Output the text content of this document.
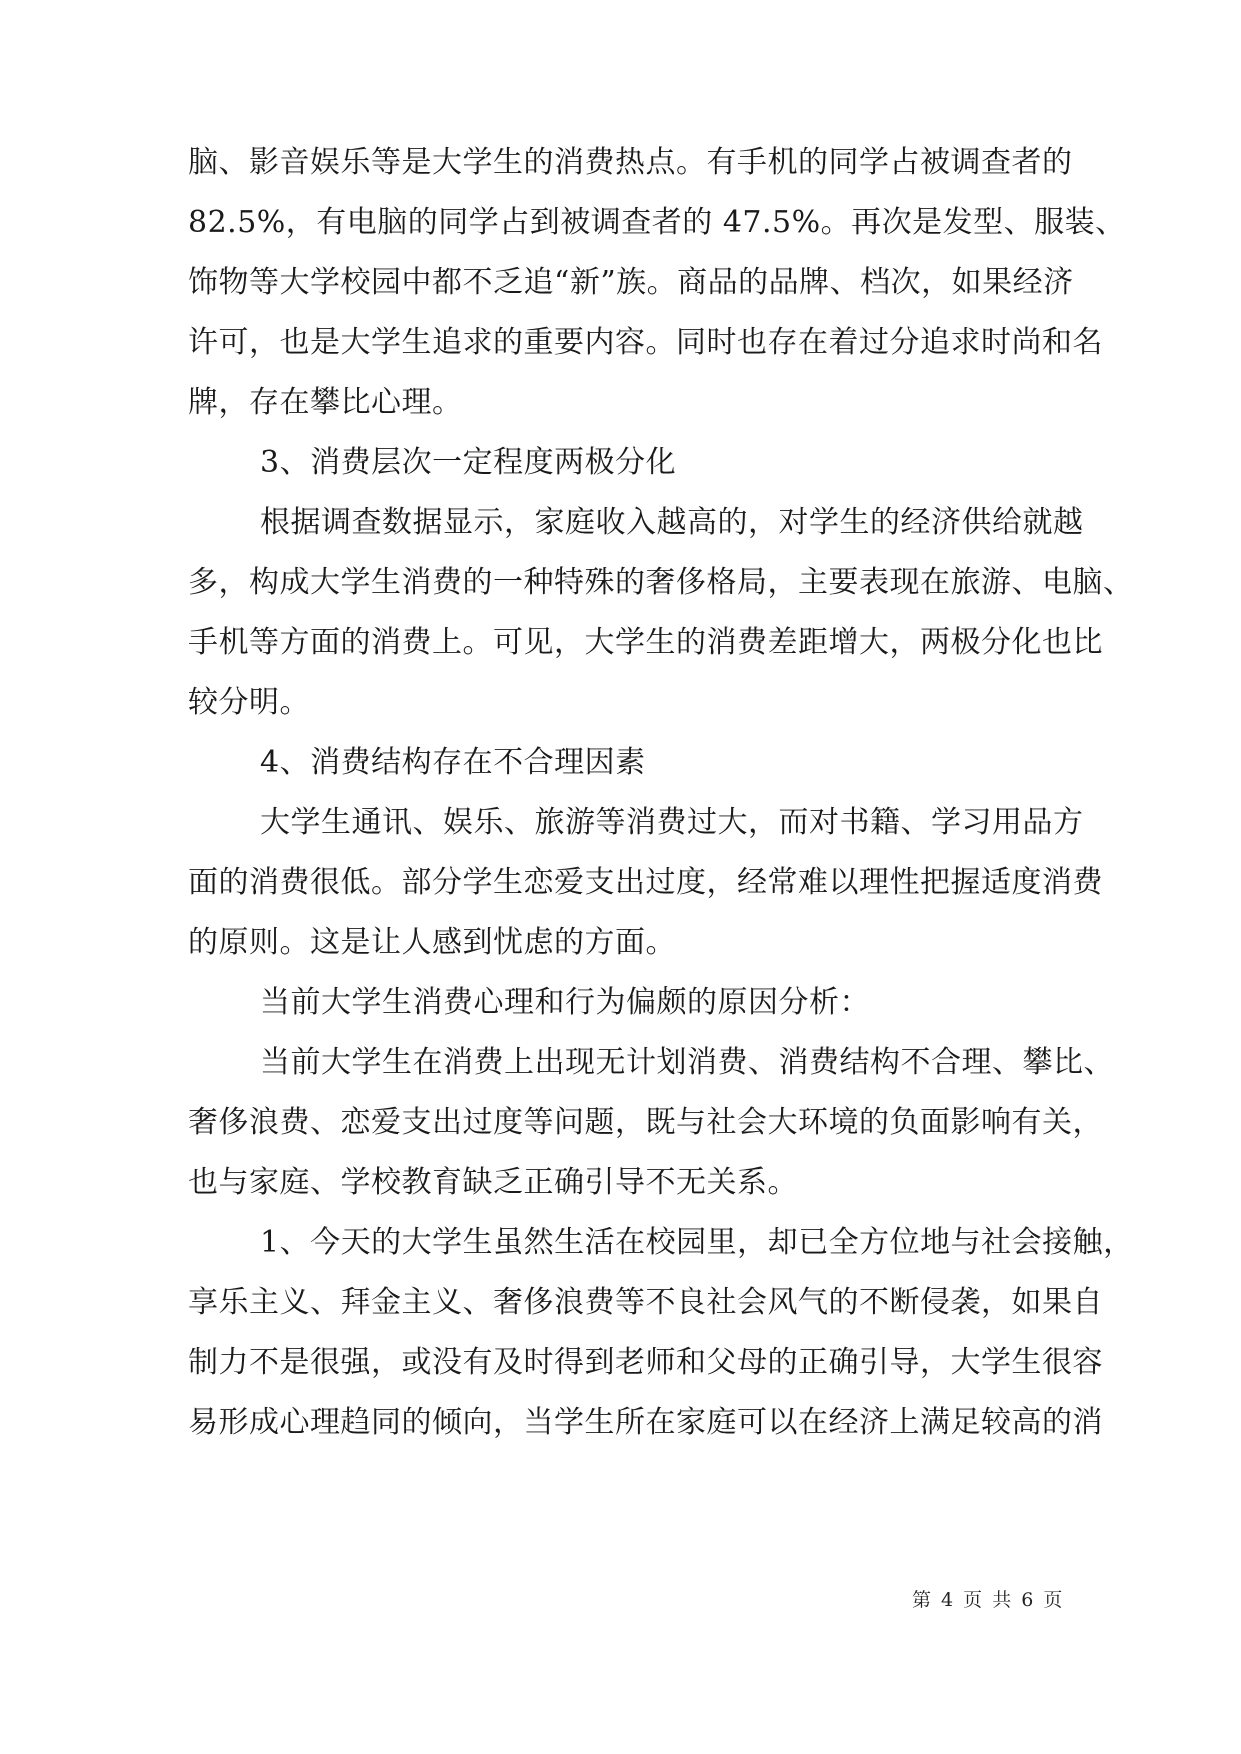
脑、影音娱乐等是大学生的消费热点。有手机的同学占被调查者的
82.5%，有电脑的同学占到被调查者的 47.5%。再次是发型、服装、
饰物等大学校园中都不乏追“新”族。商品的品牌、档次，如果经济
许可，也是大学生追求的重要内容。同时也存在着过分追求时尚和名
牌，存在攀比心理。
3、消费层次一定程度两极分化
根据调查数据显示，家庭收入越高的，对学生的经济供给就越
多，构成大学生消费的一种特殊的奢侈格局，主要表现在旅游、电脑、
手机等方面的消费上。可见，大学生的消费差距增大，两极分化也比
较分明。
4、消费结构存在不合理因素
大学生通讯、娱乐、旅游等消费过大，而对书籍、学习用品方
面的消费很低。部分学生恋爱支出过度，经常难以理性把握适度消费
的原则。这是让人感到忧虑的方面。
当前大学生消费心理和行为偏颇的原因分析：
当前大学生在消费上出现无计划消费、消费结构不合理、攀比、
奢侈浪费、恋爱支出过度等问题，既与社会大环境的负面影响有关，
也与家庭、学校教育缺乏正确引导不无关系。
1、今天的大学生虽然生活在校园里，却已全方位地与社会接触，
享乐主义、拜金主义、奢侈浪费等不良社会风气的不断侵袭，如果自
制力不是很强，或没有及时得到老师和父母的正确引导，大学生很容
易形成心理趋同的倾向，当学生所在家庭可以在经济上满足较高的消
第 4 页 共 6 页
